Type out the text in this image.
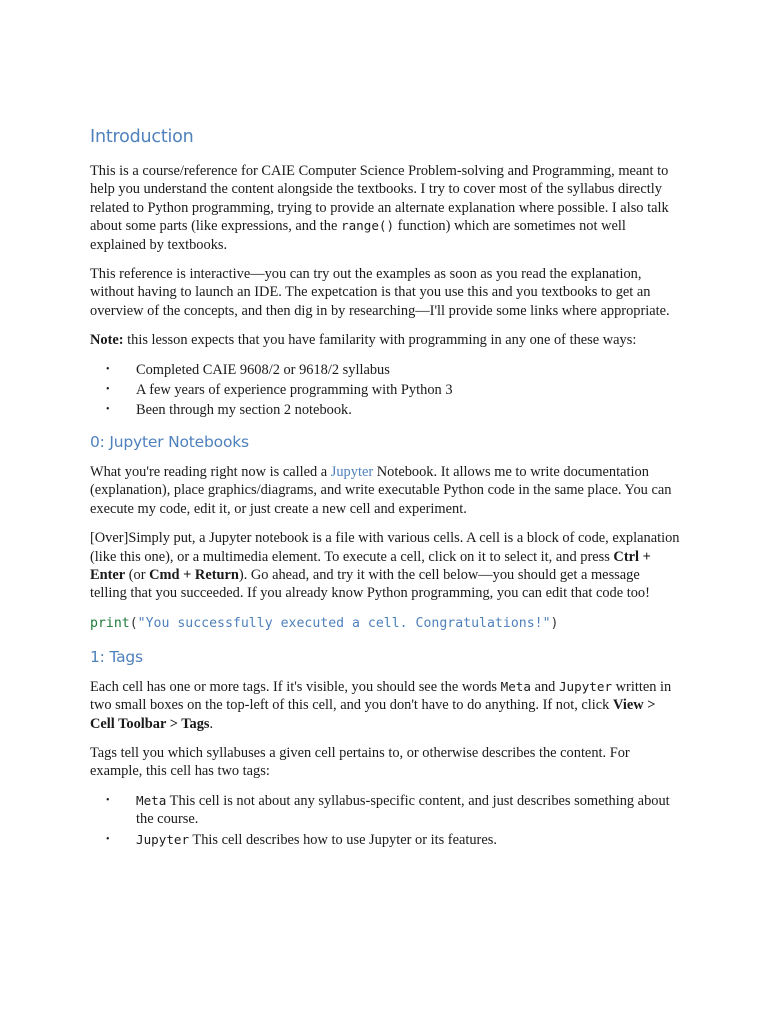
Introduction

This is a course/reference for CAIE Computer Science Problem-solving and Programming, meant to help you understand the content alongside the textbooks. I try to cover most of the syllabus directly related to Python programming, trying to provide an alternate explanation where possible. I also talk about some parts (like expressions, and the range() function) which are sometimes not well explained by textbooks.

This reference is interactive—you can try out the examples as soon as you read the explanation, without having to launch an IDE. The expetcation is that you use this and you textbooks to get an overview of the concepts, and then dig in by researching—I'll provide some links where appropriate.

Note: this lesson expects that you have familarity with programming in any one of these ways:

• Completed CAIE 9608/2 or 9618/2 syllabus
• A few years of experience programming with Python 3
• Been through my section 2 notebook.
0: Jupyter Notebooks

What you're reading right now is called a Jupyter Notebook. It allows me to write documentation (explanation), place graphics/diagrams, and write executable Python code in the same place. You can execute my code, edit it, or just create a new cell and experiment.

[Over]Simply put, a Jupyter notebook is a file with various cells. A cell is a block of code, explanation (like this one), or a multimedia element. To execute a cell, click on it to select it, and press Ctrl + Enter (or Cmd + Return). Go ahead, and try it with the cell below—you should get a message telling that you succeeded. If you already know Python programming, you can edit that code too!

print("You successfully executed a cell. Congratulations!")
1: Tags

Each cell has one or more tags. If it's visible, you should see the words Meta and Jupyter written in two small boxes on the top-left of this cell, and you don't have to do anything. If not, click View > Cell Toolbar > Tags.

Tags tell you which syllabuses a given cell pertains to, or otherwise describes the content. For example, this cell has two tags:

• Meta This cell is not about any syllabus-specific content, and just describes something about the course.
• Jupyter This cell describes how to use Jupyter or its features.
